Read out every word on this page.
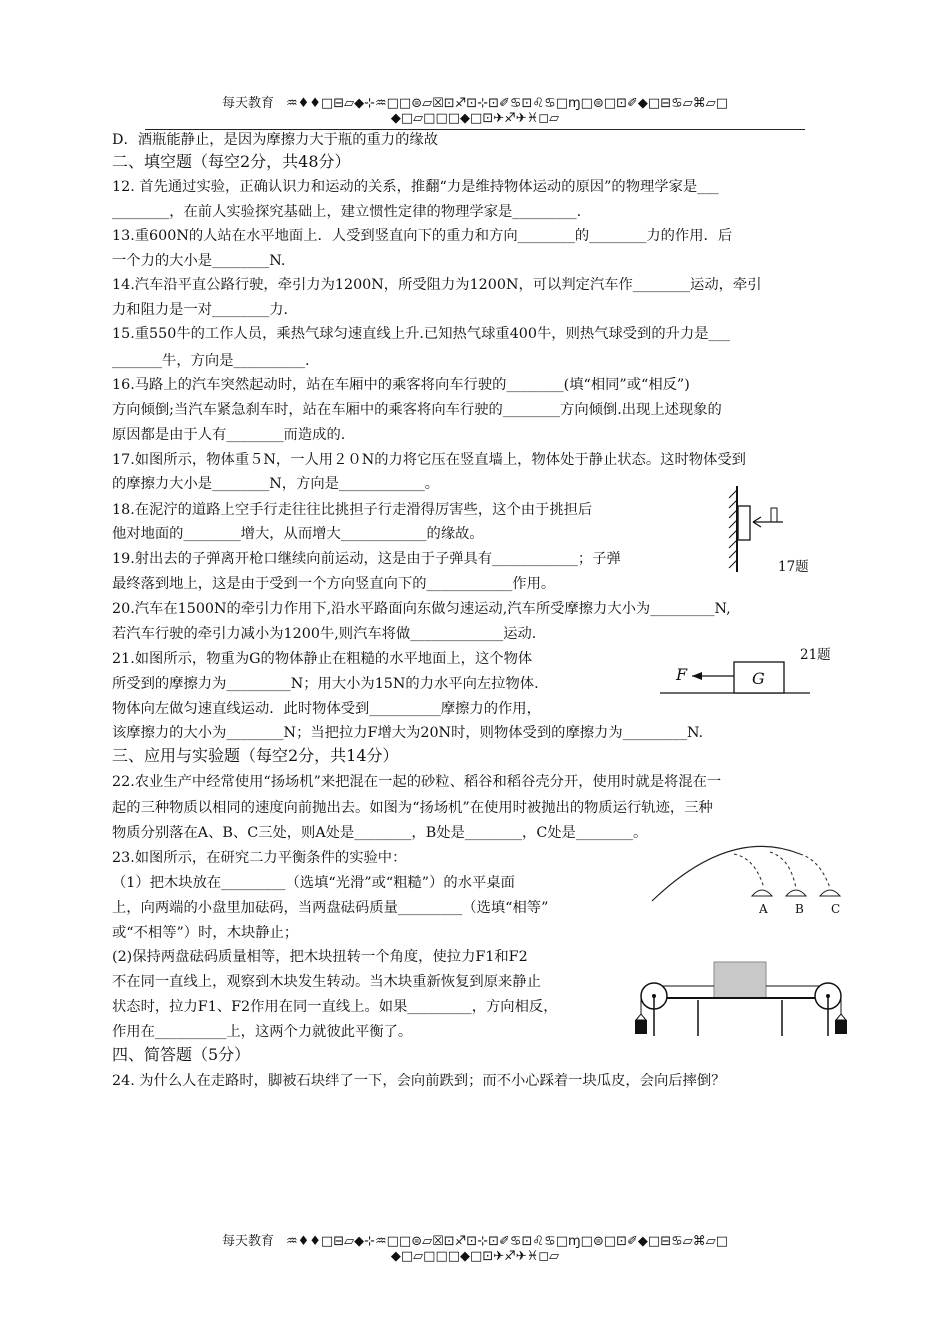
每天教育 ♒♦♦□⊟▱◆⊹♒□□⊜▱☒⊡♐⊡⊹⊡✐♋⊡♌♋□ɱ□⊜□⊡✐◆□⊟♋▱⌘▱□
◆□▱□□□◆□⊡✈♐✈♓◻▱
D．酒瓶能静止，是因为摩擦力大于瓶的重力的缘故
二、填空题（每空2分，共48分）
12. 首先通过实验，正确认识力和运动的关系，推翻“力是维持物体运动的原因”的物理学家是___
________，在前人实验探究基础上，建立惯性定律的物理学家是_________.
13.重600N的人站在水平地面上．人受到竖直向下的重力和方向________的________力的作用．后
一个力的大小是________N.
14.汽车沿平直公路行驶，牵引力为1200N，所受阻力为1200N，可以判定汽车作________运动，牵引
力和阻力是一对________力.
15.重550牛的工作人员，乘热气球匀速直线上升.已知热气球重400牛，则热气球受到的升力是___
_______牛，方向是__________.
16.马路上的汽车突然起动时，站在车厢中的乘客将向车行驶的________(填“相同”或“相反”)
方向倾倒;当汽车紧急刹车时，站在车厢中的乘客将向车行驶的________方向倾倒.出现上述现象的
原因都是由于人有________而造成的.
17.如图所示，物体重５N，一人用２０N的力将它压在竖直墙上，物体处于静止状态。这时物体受到
的摩擦力大小是________N，方向是____________。
18.在泥泞的道路上空手行走往往比挑担子行走滑得厉害些，这个由于挑担后
他对地面的________增大，从而增大____________的缘故。
19.射出去的子弹离开枪口继续向前运动，这是由于子弹具有____________；子弹
最终落到地上，这是由于受到一个方向竖直向下的____________作用。
20.汽车在1500N的牵引力作用下,沿水平路面向东做匀速运动,汽车所受摩擦力大小为_________N,
若汽车行驶的牵引力减小为1200牛,则汽车将做_____________运动.
21.如图所示，物重为G的物体静止在粗糙的水平地面上，这个物体
所受到的摩擦力为_________N；用大小为15N的力水平向左拉物体.
物体向左做匀速直线运动．此时物体受到__________摩擦力的作用，
该摩擦力的大小为________N；当把拉力F增大为20N时，则物体受到的摩擦力为_________N.
三、应用与实验题（每空2分，共14分）
22.农业生产中经常使用“扬场机”来把混在一起的砂粒、稻谷和稻谷壳分开，使用时就是将混在一
起的三种物质以相同的速度向前抛出去。如图为“扬场机”在使用时被抛出的物质运行轨迹，三种
物质分别落在A、B、C三处，则A处是________，B处是________，C处是________。
23.如图所示，在研究二力平衡条件的实验中：
（1）把木块放在_________（选填“光滑”或“粗糙”）的水平桌面
上，向两端的小盘里加砝码，当两盘砝码质量_________（选填“相等”
或“不相等”）时，木块静止；
(2)保持两盘砝码质量相等，把木块扭转一个角度，使拉力F1和F2
不在同一直线上，观察到木块发生转动。当木块重新恢复到原来静止
状态时，拉力F1、F2作用在同一直线上。如果_________，方向相反，
作用在__________上，这两个力就彼此平衡了。
四、简答题（5分）
24. 为什么人在走路时，脚被石块绊了一下，会向前跌到；而不小心踩着一块瓜皮，会向后摔倒？
17题
21题
F	G
A B C
每天教育 ♒♦♦□⊟▱◆⊹♒□□⊜▱☒⊡♐⊡⊹⊡✐♋⊡♌♋□ɱ□⊜□⊡✐◆□⊟♋▱⌘▱□
◆□▱□□□◆□⊡✈♐✈♓◻▱
